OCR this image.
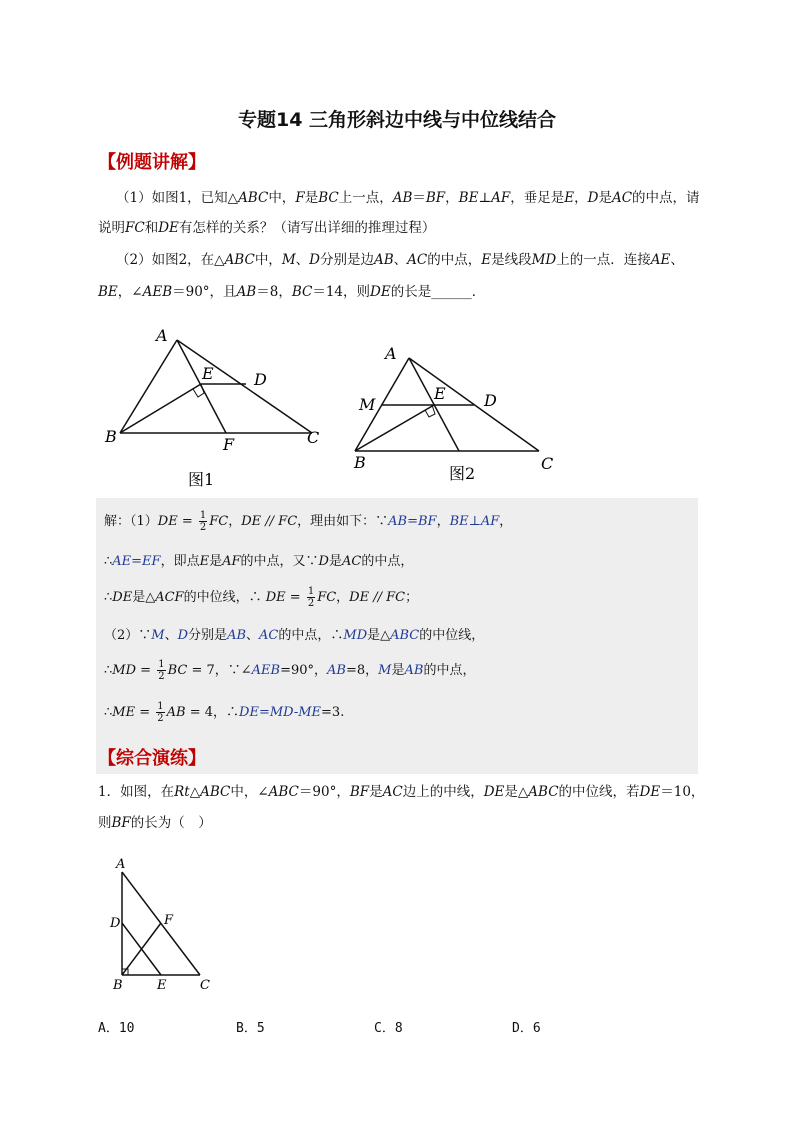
专题14 三角形斜边中线与中位线结合
【例题讲解】
（1）如图1，已知△ABC中，F是BC上一点，AB＝BF，BE⊥AF，垂足是E，D是AC的中点，请
说明FC和DE有怎样的关系？（请写出详细的推理过程）
（2）如图2，在△ABC中，M、D分别是边AB、AC的中点，E是线段MD上的一点．连接AE、
BE，∠AEB＝90°，且AB＝8，BC＝14，则DE的长是______．
A
B	C
D
E
F
图1
A
B	C
D
E
M
图2
解：$(1)DE = \frac{1}{2}$ FC，DE // FC，理由如下：∵AB=BF，BE⊥AF，
∴AE=EF，即点E是AF的中点，又∵D是AC的中点，
∴DE是△ACF的中位线，∴ DE = $\frac{1}{2}$ FC，DE // FC；
（2）∵M、D分别是AB、AC的中点，∴MD是△ABC的中位线，
∴MD = $\frac{1}{2}$ BC = 7，∵∠AEB=90°，AB=8，M是AB的中点，
∴ME = $\frac{1}{2}$ AB = 4，∴DE=MD-ME=3.
【综合演练】
1．如图，在Rt△ABC中，∠ABC＝90°，BF是AC边上的中线，DE是△ABC的中位线，若DE＝10，
则BF的长为（　）
A
B	C
D
E
F
A．10	B．5	C．8	D．6
